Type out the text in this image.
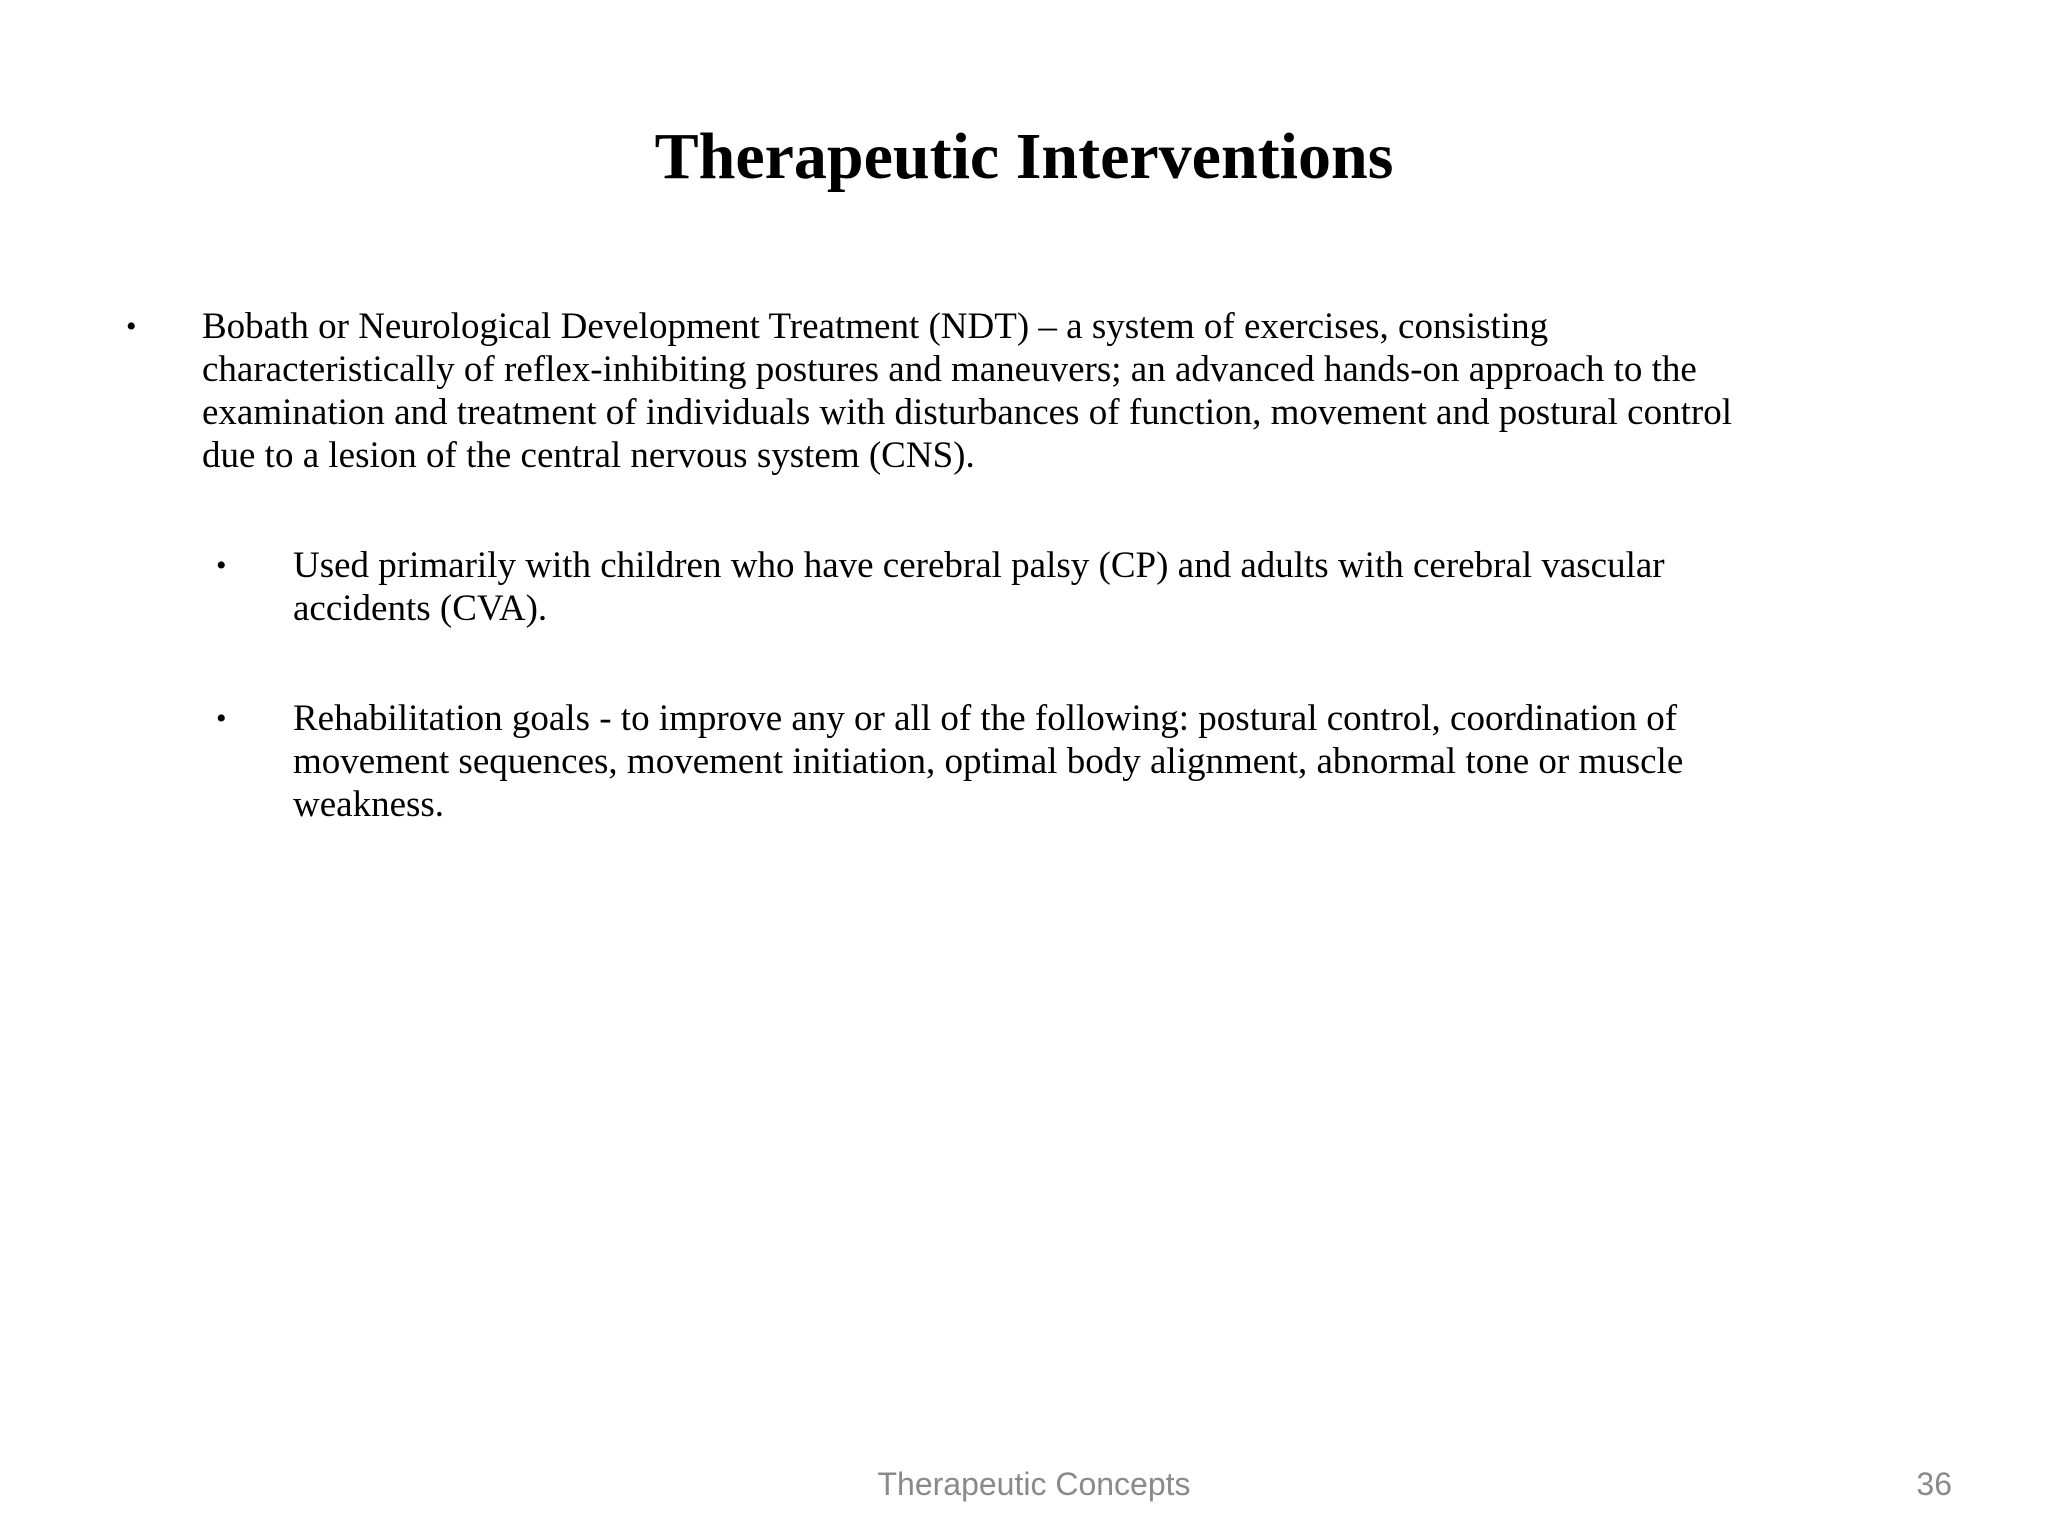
Therapeutic Interventions
• Bobath or Neurological Development Treatment (NDT) – a system of exercises, consisting
characteristically of reflex-inhibiting postures and maneuvers; an advanced hands-on approach to the
examination and treatment of individuals with disturbances of function, movement and postural control
due to a lesion of the central nervous system (CNS).
• Used primarily with children who have cerebral palsy (CP) and adults with cerebral vascular
accidents (CVA).
• Rehabilitation goals - to improve any or all of the following: postural control, coordination of
movement sequences, movement initiation, optimal body alignment, abnormal tone or muscle
weakness.
Therapeutic Concepts	36
